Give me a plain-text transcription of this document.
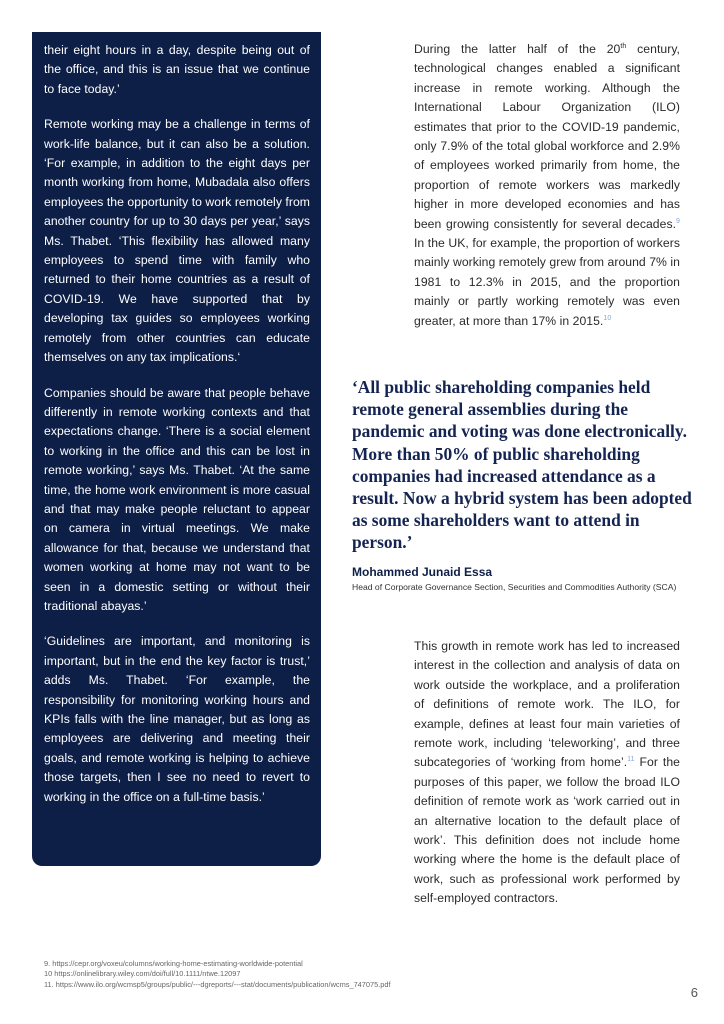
their eight hours in a day, despite being out of the office, and this is an issue that we continue to face today.’

Remote working may be a challenge in terms of work-life balance, but it can also be a solution. ‘For example, in addition to the eight days per month working from home, Mubadala also offers employees the opportunity to work remotely from another country for up to 30 days per year,’ says Ms. Thabet. ‘This flexibility has allowed many employees to spend time with family who returned to their home countries as a result of COVID-19. We have supported that by developing tax guides so employees working remotely from other countries can educate themselves on any tax implications.‘

Companies should be aware that people behave differently in remote working contexts and that expectations change. ‘There is a social element to working in the office and this can be lost in remote working,’ says Ms. Thabet. ‘At the same time, the home work environment is more casual and that may make people reluctant to appear on camera in virtual meetings. We make allowance for that, because we understand that women working at home may not want to be seen in a domestic setting or without their traditional abayas.’

‘Guidelines are important, and monitoring is important, but in the end the key factor is trust,’ adds Ms. Thabet. ‘For example, the responsibility for monitoring working hours and KPIs falls with the line manager, but as long as employees are delivering and meeting their goals, and remote working is helping to achieve those targets, then I see no need to revert to working in the office on a full-time basis.’

During the latter half of the 20th century, technological changes enabled a significant increase in remote working. Although the International Labour Organization (ILO) estimates that prior to the COVID-19 pandemic, only 7.9% of the total global workforce and 2.9% of employees worked primarily from home, the proportion of remote workers was markedly higher in more developed economies and has been growing consistently for several decades.$^9$ In the UK, for example, the proportion of workers mainly working remotely grew from around 7% in 1981 to 12.3% in 2015, and the proportion mainly or partly working remotely was even greater, at more than 17% in 2015.10

‘All public shareholding companies held remote general assemblies during the pandemic and voting was done electronically. More than 50% of public shareholding companies had increased attendance as a result. Now a hybrid system has been adopted as some shareholders want to attend in person.’

Mohammed Junaid Essa

Head of Corporate Governance Section, Securities and Commodities Authority (SCA)

This growth in remote work has led to increased interest in the collection and analysis of data on work outside the workplace, and a proliferation of definitions of remote work. The ILO, for example, defines at least four main varieties of remote work, including ‘teleworking’, and three subcategories of ‘working from home’.$^{11}$ For the purposes of this paper, we follow the broad ILO definition of remote work as ‘work carried out in an alternative location to the default place of work’. This definition does not include home working where the home is the default place of work, such as professional work performed by self-employed contractors.

9. https://cepr.org/voxeu/columns/working-home-estimating-worldwide-potential
10 https://onlinelibrary.wiley.com/doi/full/10.1111/ntwe.12097
11. https://www.ilo.org/wcmsp5/groups/public/---dgreports/---stat/documents/publication/wcms_747075.pdf
6
